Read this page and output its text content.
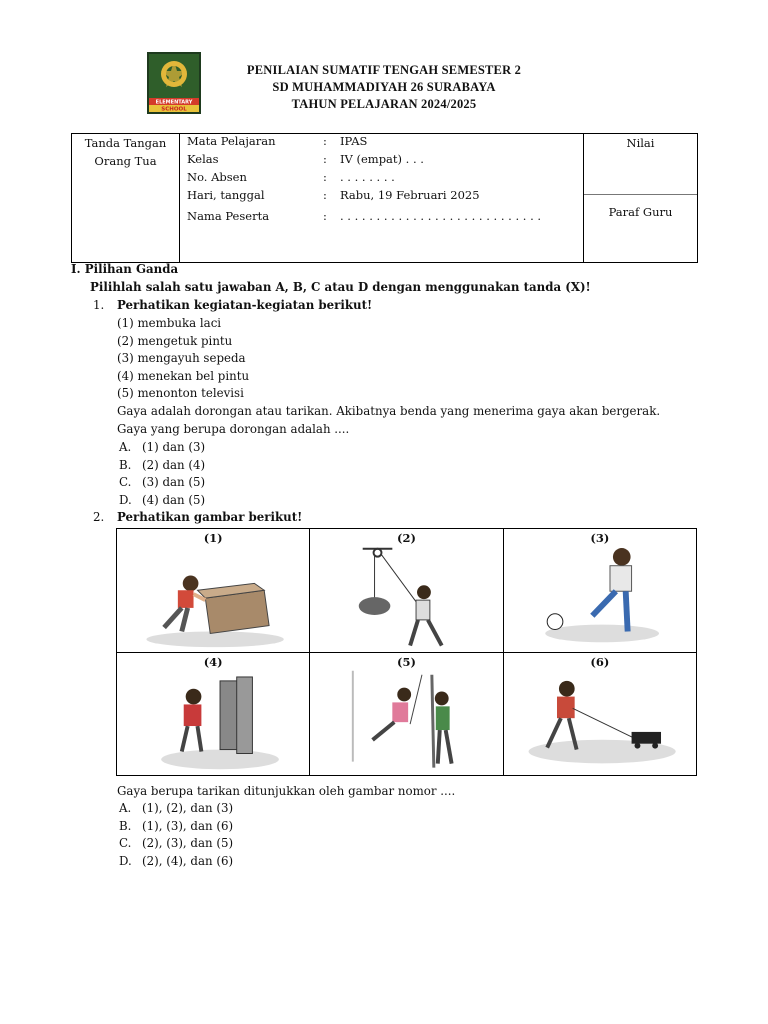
ELEMENTARY
SCHOOL
PENILAIAN SUMATIF TENGAH SEMESTER 2
SD MUHAMMADIYAH 26 SURABAYA
TAHUN PELAJARAN 2024/2025
Tanda Tangan
Orang Tua

Mata Pelajaran	: IPAS
Kelas	: IV (empat) . . .
No. Absen	: . . . . . . . .
Hari, tanggal	: Rabu, 19 Februari 2025
Nama Peserta	: . . . . . . . . . . . . . . . . . . . . . . . . . . . .

Nilai
Paraf Guru
I. Pilihan Ganda
Pilihlah salah satu jawaban A, B, C atau D dengan menggunakan tanda (X)!
1. Perhatikan kegiatan-kegiatan berikut!
(1) membuka laci
(2) mengetuk pintu
(3) mengayuh sepeda
(4) menekan bel pintu
(5) menonton televisi
Gaya adalah dorongan atau tarikan. Akibatnya benda yang menerima gaya akan bergerak.
Gaya yang berupa dorongan adalah ....
A. (1) dan (3)
B. (2) dan (4)
C. (3) dan (5)
D. (4) dan (5)
2. Perhatikan gambar berikut!
(1)	(2)	(3)

(4)	(5)	(6)
Gaya berupa tarikan ditunjukkan oleh gambar nomor ....
A. (1), (2), dan (3)
B. (1), (3), dan (6)
C. (2), (3), dan (5)
D. (2), (4), dan (6)
